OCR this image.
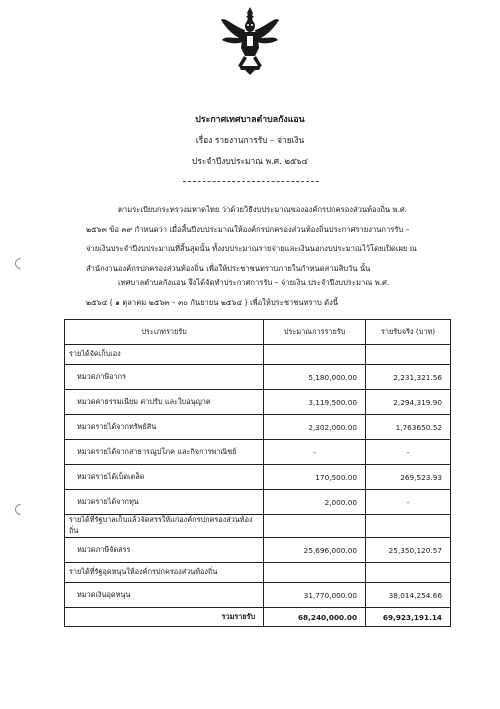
ประกาศเทศบาลตำบลกังแอน
เรื่อง รายงานการรับ – จ่ายเงิน
ประจำปีงบประมาณ พ.ศ. ๒๕๖๔

ตามระเบียบกระทรวงมหาดไทย ว่าด้วยวิธีงบประมาณขององค์กรปกครองส่วนท้องถิ่น พ.ศ.

๒๕๖๓ ข้อ ๓๙ กำหนดว่า เมื่อสิ้นปีงบประมาณให้องค์กรปกครองส่วนท้องถิ่นประกาศรายงานการรับ –

จ่ายเงินประจำปีงบประมาณที่สิ้นสุดนั้น ทั้งงบประมาณรายจ่ายและเงินนอกงบประมาณไว้โดยเปิดเผย ณ

สำนักงานองค์กรปกครองส่วนท้องถิ่น เพื่อให้ประชาชนทราบภายในกำหนดสามสิบวัน นั้น

เทศบาลตำบลกังแอน จึงได้จัดทำประกาศการรับ – จ่ายเงิน ประจำปีงบประมาณ พ.ศ.

๒๕๖๔ ( ๑ ตุลาคม ๒๕๖๓ – ๓๐ กันยายน ๒๕๖๔ ) เพื่อให้ประชาชนทราบ ดังนี้

ประเภทรายรับ	ประมาณการรายรับ	รายรับจริง (บาท)
รายได้จัดเก็บเอง		
หมวดภาษีอากร	5,180,000.00	2,231,321.56
หมวดค่าธรรมเนียม ค่าปรับ และใบอนุญาต	3,119,500.00	2,294,319.90
หมวดรายได้จากทรัพย์สิน	2,302,000.00	1,763650.52
หมวดรายได้จากสาธารณูปโภค และกิจการพาณิชย์	-	-
หมวดรายได้เบ็ดเตล็ด	170,500.00	269,523.93
หมวดรายได้จากทุน	2,000.00	-
รายได้ที่รัฐบาลเก็บแล้วจัดสรรให้แก่องค์กรปกครองส่วนท้องถิ่น		
หมวดภาษีจัดสรร	25,696,000.00	25,350,120.57
รายได้ที่รัฐอุดหนุนให้องค์กรปกครองส่วนท้องถิ่น		
หมวดเงินอุดหนุน	31,770,000.00	38,014,254.66
รวมรายรับ	68,240,000.00	69,923,191.14
